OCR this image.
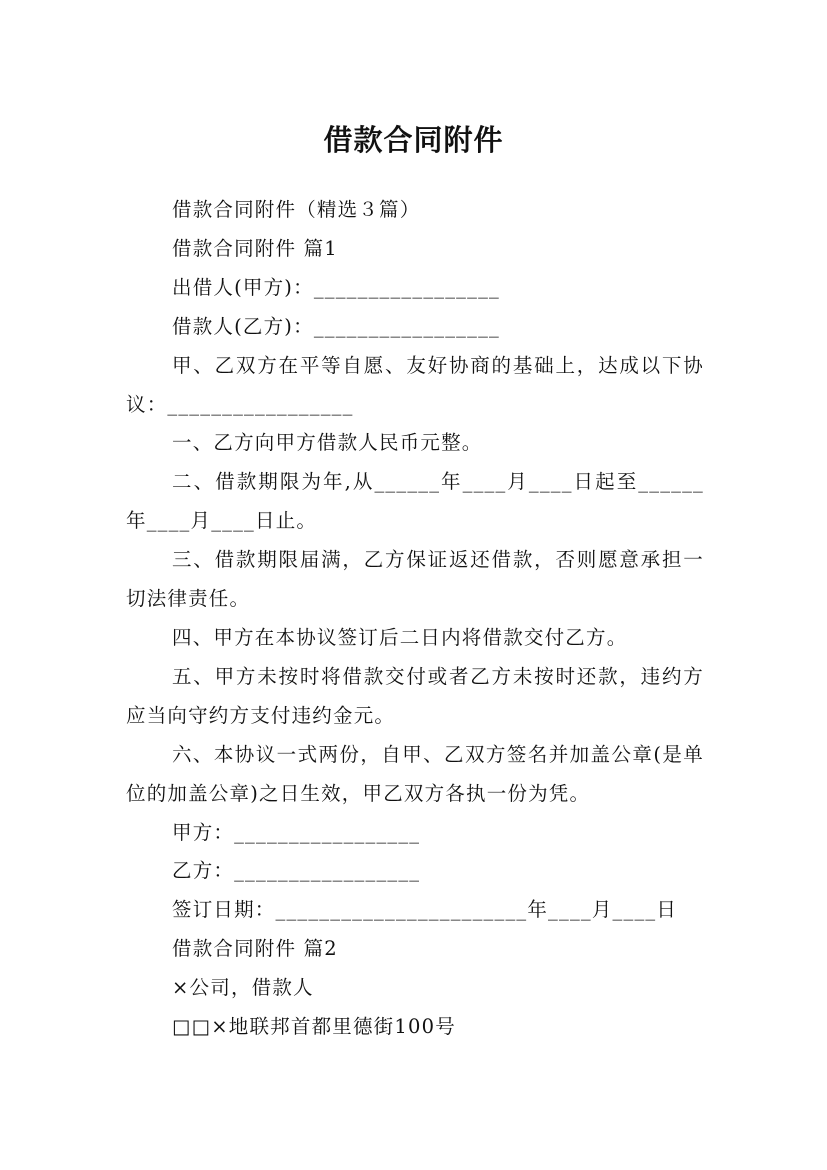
借款合同附件

借款合同附件（精选３篇）

借款合同附件 篇1

出借人(甲方)：_________________

借款人(乙方)：_________________

甲、乙双方在平等自愿、友好协商的基础上，达成以下协议：_________________

一、乙方向甲方借款人民币元整。

二、借款期限为年,从______年____月____日起至______年____月____日止。

三、借款期限届满，乙方保证返还借款，否则愿意承担一切法律责任。

四、甲方在本协议签订后二日内将借款交付乙方。

五、甲方未按时将借款交付或者乙方未按时还款，违约方应当向守约方支付违约金元。

六、本协议一式两份，自甲、乙双方签名并加盖公章(是单位的加盖公章)之日生效，甲乙双方各执一份为凭。

甲方：_________________

乙方：_________________

签订日期：_______________________年____月____日

借款合同附件 篇2

×公司，借款人

□□×地联邦首都里德街100号
